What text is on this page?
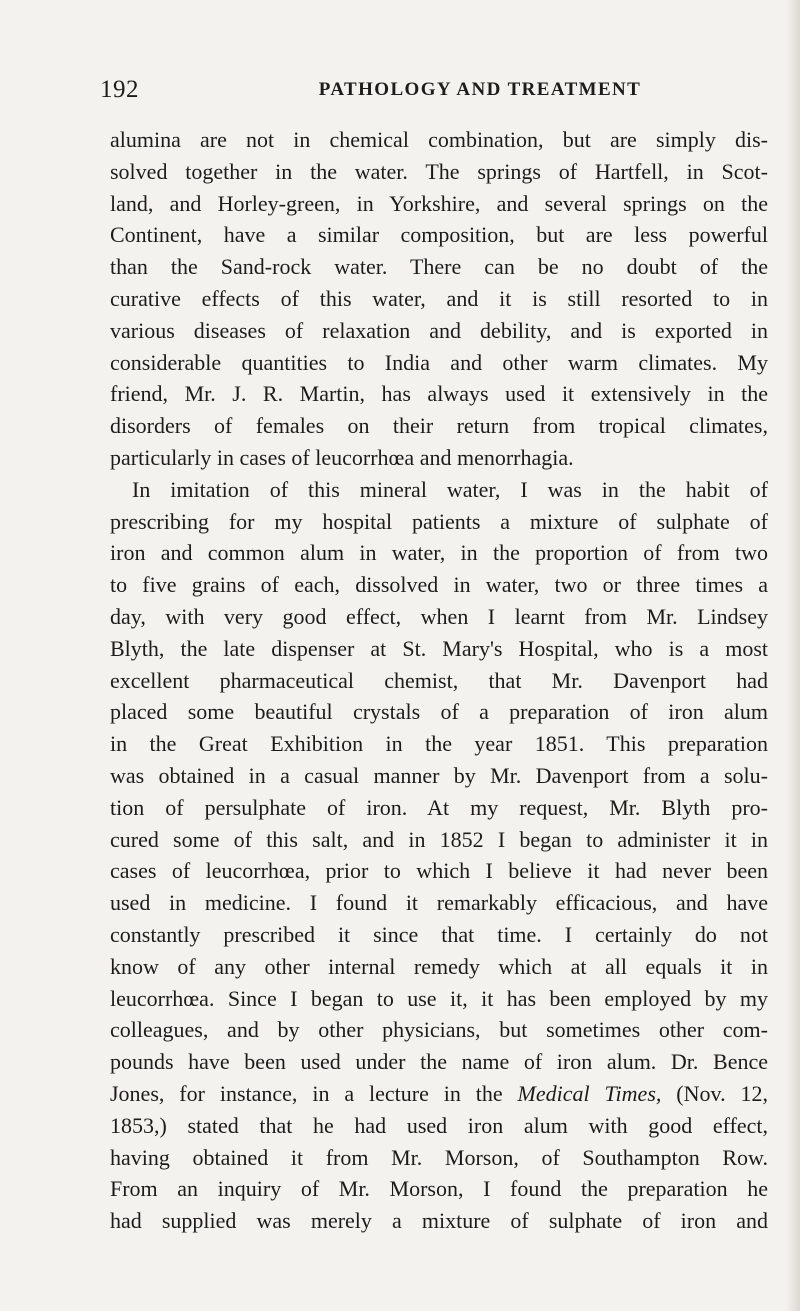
192	PATHOLOGY AND TREATMENT
alumina are not in chemical combination, but are simply dis-
solved together in the water. The springs of Hartfell, in Scot-
land, and Horley-green, in Yorkshire, and several springs on the
Continent, have a similar composition, but are less powerful
than the Sand-rock water. There can be no doubt of the
curative effects of this water, and it is still resorted to in
various diseases of relaxation and debility, and is exported in
considerable quantities to India and other warm climates. My
friend, Mr. J. R. Martin, has always used it extensively in the
disorders of females on their return from tropical climates,
particularly in cases of leucorrhœa and menorrhagia.
In imitation of this mineral water, I was in the habit of
prescribing for my hospital patients a mixture of sulphate of
iron and common alum in water, in the proportion of from two
to five grains of each, dissolved in water, two or three times a
day, with very good effect, when I learnt from Mr. Lindsey
Blyth, the late dispenser at St. Mary's Hospital, who is a most
excellent pharmaceutical chemist, that Mr. Davenport had
placed some beautiful crystals of a preparation of iron alum
in the Great Exhibition in the year 1851. This preparation
was obtained in a casual manner by Mr. Davenport from a solu-
tion of persulphate of iron. At my request, Mr. Blyth pro-
cured some of this salt, and in 1852 I began to administer it in
cases of leucorrhœa, prior to which I believe it had never been
used in medicine. I found it remarkably efficacious, and have
constantly prescribed it since that time. I certainly do not
know of any other internal remedy which at all equals it in
leucorrhœa. Since I began to use it, it has been employed by my
colleagues, and by other physicians, but sometimes other com-
pounds have been used under the name of iron alum. Dr. Bence
Jones, for instance, in a lecture in the Medical Times, (Nov. 12,
1853,) stated that he had used iron alum with good effect,
having obtained it from Mr. Morson, of Southampton Row.
From an inquiry of Mr. Morson, I found the preparation he
had supplied was merely a mixture of sulphate of iron and
